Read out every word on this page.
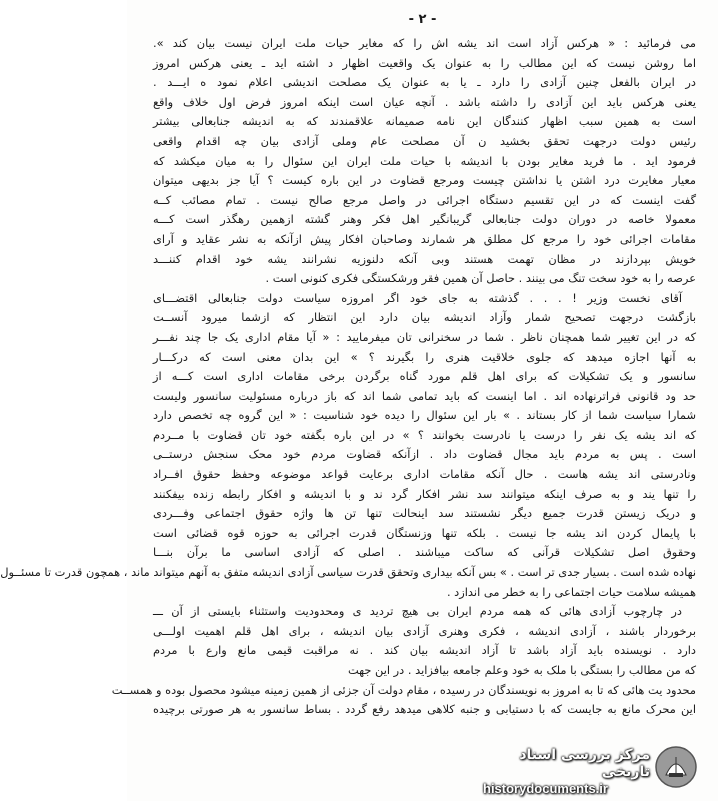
- ۲ -
می فرمائید : « هرکس آزاد است اند یشه اش را که مغایر حیات ملت ایران نیست بیان کند ».
اما روشن نیست که این مطالب را به عنوان یک واقعیت اظهار د اشته اید ـ یعنی هرکس امروز
در ایران بالفعل چنین آزادی را دارد ـ یا به عنوان یک مصلحت اندیشی اعلام نمود ه ایـــد .
یعنی هرکس باید این آزادی را داشته باشد . آنچه عیان است اینکه امروز فرض اول خلاف واقع
است به همین سبب اظهار کنندگان این نامه صمیمانه علاقمندند که به اندیشه جنابعالی بیشتر
رئیس دولت درجهت تحقق بخشید ن آن مصلحت عام وملی آزادی بیان چه اقدام واقعی
فرمود اید . ما فرید مغایر بودن با اندیشه با حیات ملت ایران این سئوال را به میان میکشد که
معیار مغایرت درد اشتن یا نداشتن چیست ومرجع قضاوت در این باره کیست ؟ آیا جز بدیهی میتوان
گفت اینست که در این تقسیم دستگاه اجرائی در واصل مرجع صالح نیست . تمام مصائب کــه
معمولا خاصه در دوران دولت جنابعالی گریبانگیر اهل فکر وهنر گشته ازهمین رهگذر است کـــه
مقامات اجرائی خود را مرجع کل مطلق هر شمارند وصاحبان افکار پیش ازآنکه به نشر عقاید و آرای
خویش بپردازند در مظان تهمت هستند وبی آنکه دلنوزیه نشرانند یشه خود اقدام کننـــد
عرصه را به خود سخت تنگ می بینند . حاصل آن همین فقر ورشکستگی فکری کنونی است .
آقای نخست وزیر ! . . . گذشته به جای خود اگر امروزه سیاست دولت جنابعالی اقتضـــای
بازگشت درجهت تصحیح شمار وآزاد اندیشه بیان دارد این انتظار که ازشما میرود آنســت
که در این تغییر شما همچنان ناظر . شما در سخنرانی تان میفرمایید : « آیا مقام اداری یک جا چند نفـــر
به آنها اجازه میدهد که جلوی خلاقیت هنری را بگیرند ؟ » این بدان معنی است که درکـــار
سانسور و یک تشکیلات که برای اهل قلم مورد گناه برگردن برخی مقامات اداری است کـــه از
حد ود قانونی فراترنهاده اند . اما اینست که باید تمامی شما اند که باز درباره مسئولیت سانسور ولیست
شمارا سیاست شما از کار بستاند . » بار این سئوال را دیده خود شناسیت : « این گروه چه تخصص دارد
که اند یشه یک نفر را درست یا نادرست بخوانند ؟ » در این باره بگفته خود تان قضاوت با مــردم
است . پس به مردم باید مجال قضاوت داد . ازآنکه قضاوت مردم خود محک سنجش درستــی
ونادرستی اند یشه هاست . حال آنکه مقامات اداری برعایت قواعد موضوعه وحفظ حقوق افــراد
را تنها یند و به صرف اینکه میتوانند سد نشر افکار گرد ند و با اندیشه و افکار رابطه زنده بیفکنند
و دریک زیستن قدرت جمیع دیگر نشستند سد اینحالت تنها تن ها واژه حقوق اجتماعی وفـــردی
با پایمال کردن اند یشه جا نیست . بلکه تنها وزنستگان قدرت اجرائی به حوزه قوه قضائی است
وحقوق اصل تشکیلات قرآنی که ساکت میباشند . اصلی که آزادی اساسی ما برآن بنـــا
نهاده شده است . بسیار جدی تر است . » بس آنکه بیداری وتحقق قدرت سیاسی آزادی اندیشه متفق به آنهم میتواند ماند ، همچون قدرت تا مسئــول
همیشه سلامت حیات اجتماعی را به خطر می اندازد .
در چارچوب آزادی هائی که همه مردم ایران بی هیچ تردید ی ومحدودیت واستثناء بایستی از آن ـــ
برخوردار باشند ، آزادی اندیشه ، فکری وهنری آزادی بیان اندیشه ، برای اهل قلم اهمیت اولـــی
دارد . نویسنده باید آزاد باشد تا آزاد اندیشه بیان کند . نه مراقبت قیمی مانع وارع با مردم
که من مطالب را بستگی با ملک به خود وعلم جامعه بیافزاید . در این جهت
محدود یت هائی که تا به امروز به نویسندگان در رسیده ، مقام دولت آن جزئی از همین زمینه میشود محصول بوده و همســت
این محرک مانع به جایست که با دستیابی و جنبه کلاهی میدهد رفع گردد . بساط سانسور به هر صورتی برچیده
مرکز بررسی اسناد تاریخی
historydocuments.ir
